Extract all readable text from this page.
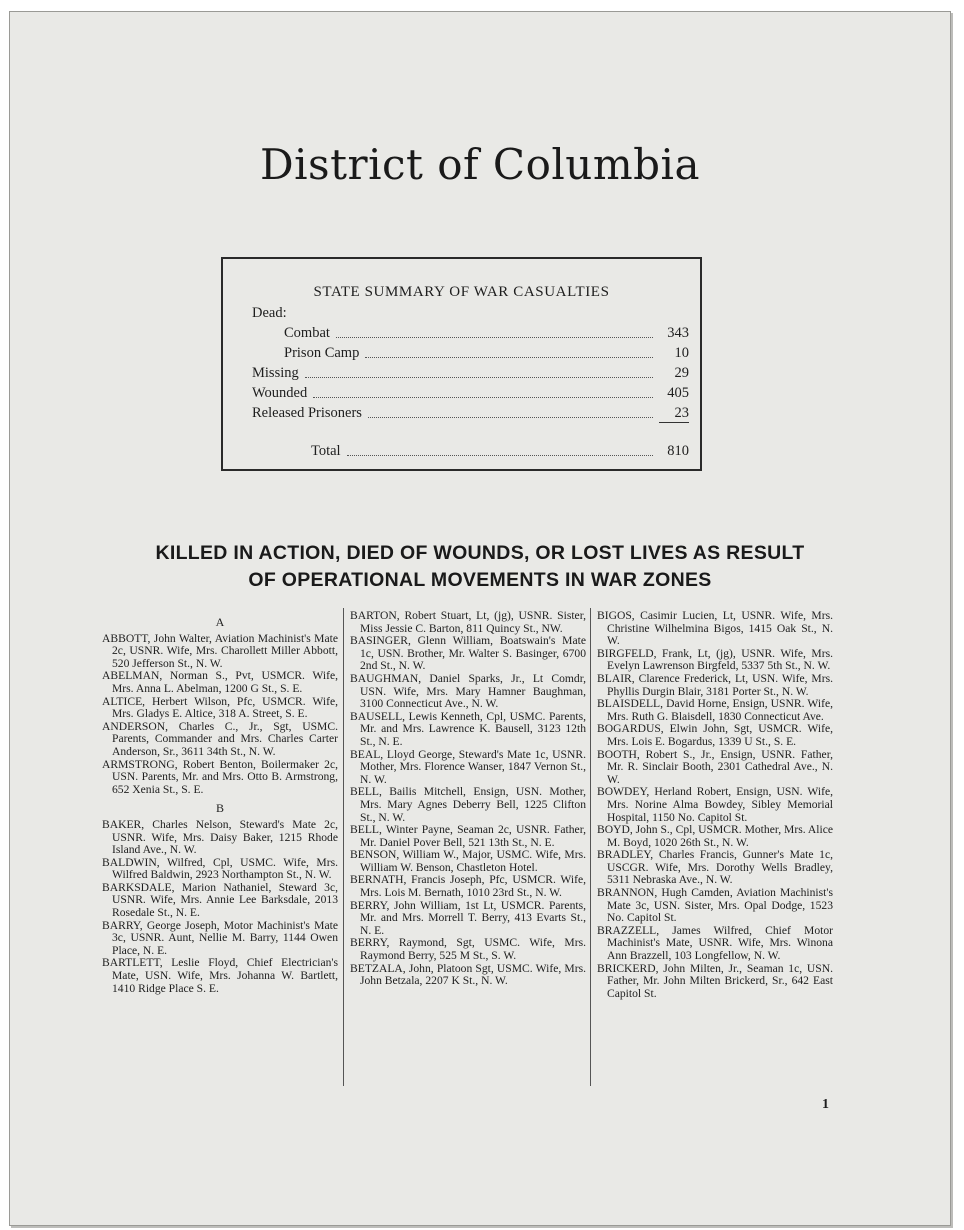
District of Columbia
STATE SUMMARY OF WAR CASUALTIES
Dead:
Combat	343
Prison Camp	10
Missing	29
Wounded	405
Released Prisoners	23
Total	810
KILLED IN ACTION, DIED OF WOUNDS, OR LOST LIVES AS RESULT
OF OPERATIONAL MOVEMENTS IN WAR ZONES
A
ABBOTT, John Walter, Aviation Machinist's Mate 2c, USNR. Wife, Mrs. Charollett Miller Abbott, 520 Jefferson St., N. W.
ABELMAN, Norman S., Pvt, USMCR. Wife, Mrs. Anna L. Abelman, 1200 G St., S. E.
ALTICE, Herbert Wilson, Pfc, USMCR. Wife, Mrs. Gladys E. Altice, 318 A. Street, S. E.
ANDERSON, Charles C., Jr., Sgt, USMC. Parents, Commander and Mrs. Charles Carter Anderson, Sr., 3611 34th St., N. W.
ARMSTRONG, Robert Benton, Boilermaker 2c, USN. Parents, Mr. and Mrs. Otto B. Armstrong, 652 Xenia St., S. E.
B
BAKER, Charles Nelson, Steward's Mate 2c, USNR. Wife, Mrs. Daisy Baker, 1215 Rhode Island Ave., N. W.
BALDWIN, Wilfred, Cpl, USMC. Wife, Mrs. Wilfred Baldwin, 2923 Northampton St., N. W.
BARKSDALE, Marion Nathaniel, Steward 3c, USNR. Wife, Mrs. Annie Lee Barksdale, 2013 Rosedale St., N. E.
BARRY, George Joseph, Motor Machinist's Mate 3c, USNR. Aunt, Nellie M. Barry, 1144 Owen Place, N. E.
BARTLETT, Leslie Floyd, Chief Electrician's Mate, USN. Wife, Mrs. Johanna W. Bartlett, 1410 Ridge Place S. E.
BARTON, Robert Stuart, Lt, (jg), USNR. Sister, Miss Jessie C. Barton, 811 Quincy St., NW.
BASINGER, Glenn William, Boatswain's Mate 1c, USN. Brother, Mr. Walter S. Basinger, 6700 2nd St., N. W.
BAUGHMAN, Daniel Sparks, Jr., Lt Comdr, USN. Wife, Mrs. Mary Hamner Baughman, 3100 Connecticut Ave., N. W.
BAUSELL, Lewis Kenneth, Cpl, USMC. Parents, Mr. and Mrs. Lawrence K. Bausell, 3123 12th St., N. E.
BEAL, Lloyd George, Steward's Mate 1c, USNR. Mother, Mrs. Florence Wanser, 1847 Vernon St., N. W.
BELL, Bailis Mitchell, Ensign, USN. Mother, Mrs. Mary Agnes Deberry Bell, 1225 Clifton St., N. W.
BELL, Winter Payne, Seaman 2c, USNR. Father, Mr. Daniel Pover Bell, 521 13th St., N. E.
BENSON, William W., Major, USMC. Wife, Mrs. William W. Benson, Chastleton Hotel.
BERNATH, Francis Joseph, Pfc, USMCR. Wife, Mrs. Lois M. Bernath, 1010 23rd St., N. W.
BERRY, John William, 1st Lt, USMCR. Parents, Mr. and Mrs. Morrell T. Berry, 413 Evarts St., N. E.
BERRY, Raymond, Sgt, USMC. Wife, Mrs. Raymond Berry, 525 M St., S. W.
BETZALA, John, Platoon Sgt, USMC. Wife, Mrs. John Betzala, 2207 K St., N. W.
BIGOS, Casimir Lucien, Lt, USNR. Wife, Mrs. Christine Wilhelmina Bigos, 1415 Oak St., N. W.
BIRGFELD, Frank, Lt, (jg), USNR. Wife, Mrs. Evelyn Lawrenson Birgfeld, 5337 5th St., N. W.
BLAIR, Clarence Frederick, Lt, USN. Wife, Mrs. Phyllis Durgin Blair, 3181 Porter St., N. W.
BLAISDELL, David Horne, Ensign, USNR. Wife, Mrs. Ruth G. Blaisdell, 1830 Connecticut Ave.
BOGARDUS, Elwin John, Sgt, USMCR. Wife, Mrs. Lois E. Bogardus, 1339 U St., S. E.
BOOTH, Robert S., Jr., Ensign, USNR. Father, Mr. R. Sinclair Booth, 2301 Cathedral Ave., N. W.
BOWDEY, Herland Robert, Ensign, USN. Wife, Mrs. Norine Alma Bowdey, Sibley Memorial Hospital, 1150 No. Capitol St.
BOYD, John S., Cpl, USMCR. Mother, Mrs. Alice M. Boyd, 1020 26th St., N. W.
BRADLEY, Charles Francis, Gunner's Mate 1c, USCGR. Wife, Mrs. Dorothy Wells Bradley, 5311 Nebraska Ave., N. W.
BRANNON, Hugh Camden, Aviation Machinist's Mate 3c, USN. Sister, Mrs. Opal Dodge, 1523 No. Capitol St.
BRAZZELL, James Wilfred, Chief Motor Machinist's Mate, USNR. Wife, Mrs. Winona Ann Brazzell, 103 Longfellow, N. W.
BRICKERD, John Milten, Jr., Seaman 1c, USN. Father, Mr. John Milten Brickerd, Sr., 642 East Capitol St.
1
